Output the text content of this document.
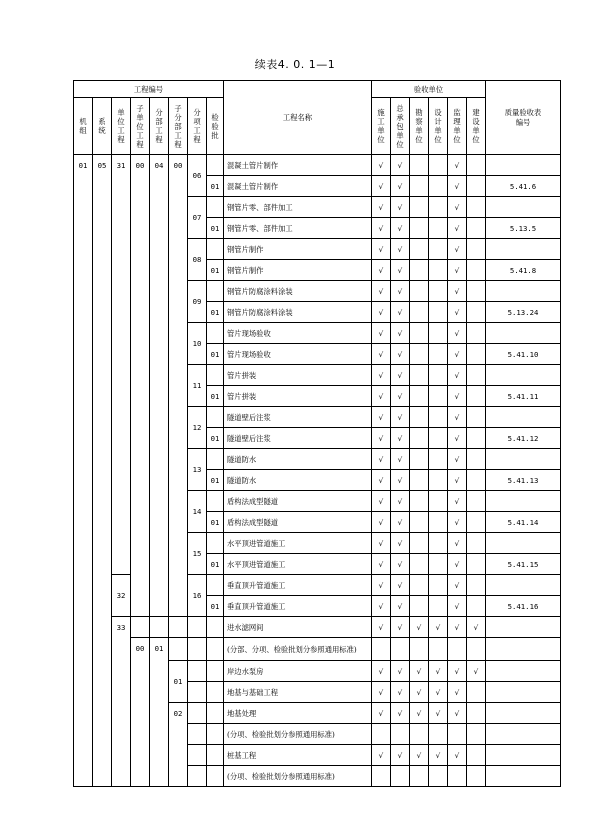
续表4. 0. 1—1
工程编号								工程名称	验收单位						质量验收表编号
机组	系统	单位工程	子单位工程	分部工程	子分部工程	分项工程	检验批		施工单位	总承包单位	勘察单位	设计单位	监理单位	建设单位	
01	05	31	00	04	00	06		混凝土管片制作	√	√			√		
							01	混凝土管片制作	√	√			√		5.41.6
						07		钢管片零、部件加工	√	√			√		
							01	钢管片零、部件加工	√	√			√		5.13.5
						08		钢管片制作	√	√			√		
							01	钢管片制作	√	√			√		5.41.8
						09		钢管片防腐涂料涂装	√	√			√		
							01	钢管片防腐涂料涂装	√	√			√		5.13.24
						10		管片现场验收	√	√			√		
							01	管片现场验收	√	√			√		5.41.10
						11		管片拼装	√	√			√		
							01	管片拼装	√	√			√		5.41.11
						12		隧道壁后注浆	√	√			√		
							01	隧道壁后注浆	√	√			√		5.41.12
						13		隧道防水	√	√			√		
							01	隧道防水	√	√			√		5.41.13
						14		盾构法成型隧道	√	√			√		
							01	盾构法成型隧道	√	√			√		5.41.14
						15		水平顶进管道施工	√	√			√		
							01	水平顶进管道施工	√	√			√		5.41.15
		32				16		垂直顶升管道施工	√	√			√		
							01	垂直顶升管道施工	√	√			√		5.41.16
		33						进水滤网间	√	√	√	√	√	√	
			00	01				(分部、分项、检验批划分参照通用标准)							
					01			岸边水泵房	√	√	√	√	√	√	
								地基与基础工程	√	√	√	√	√		
					02			地基处理	√	√	√	√	√		
								(分项、检验批划分参照通用标准)							
								桩基工程	√	√	√	√	√		
								(分项、检验批划分参照通用标准)							
